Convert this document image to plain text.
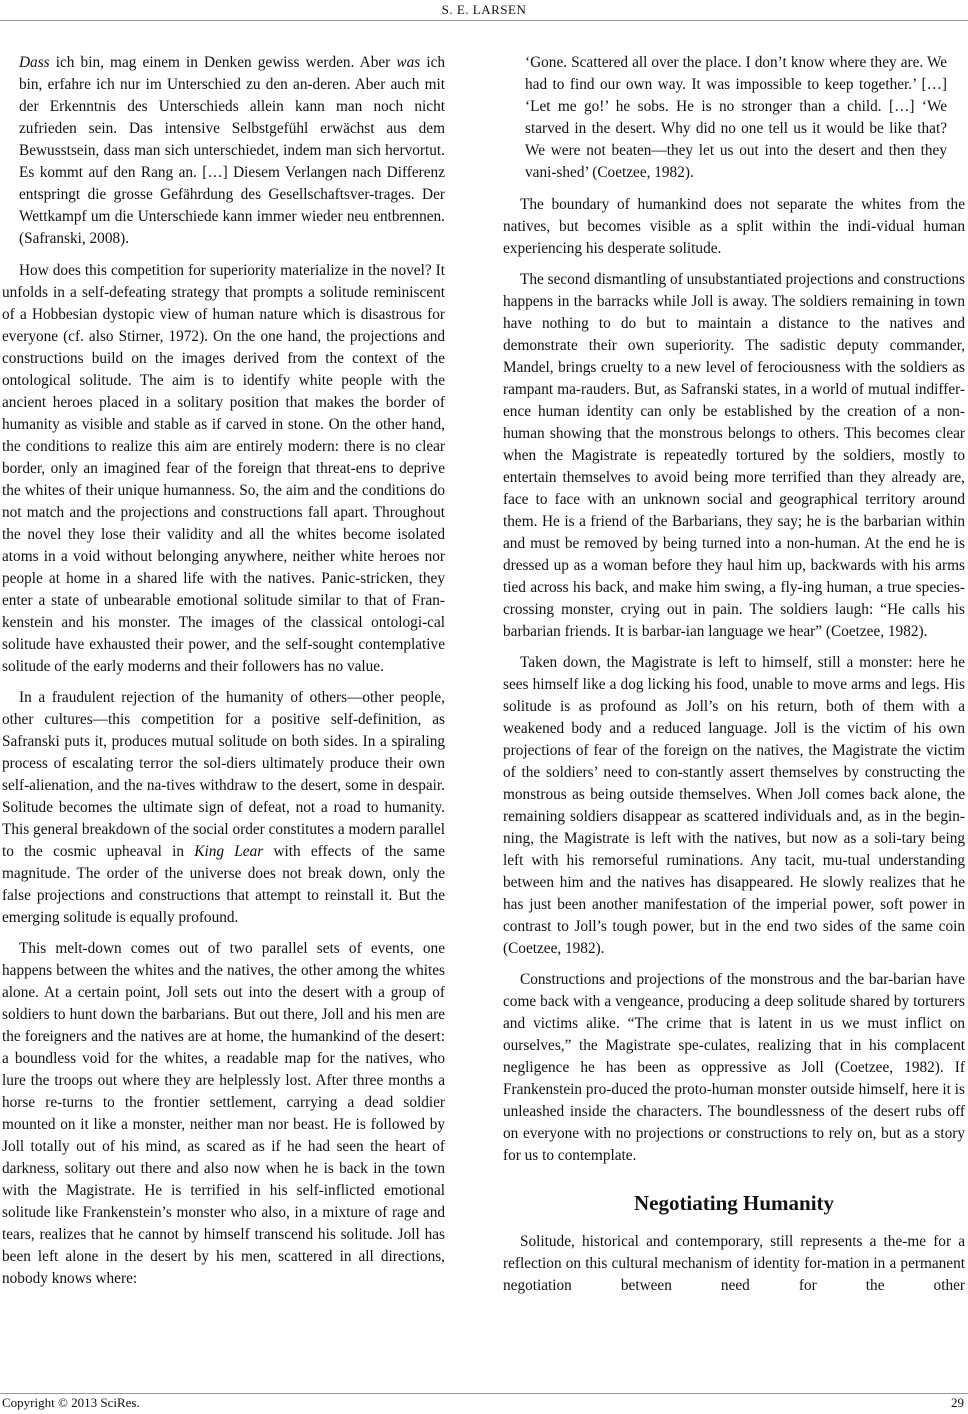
S. E. LARSEN

Dass ich bin, mag einem in Denken gewiss werden. Aber was ich bin, erfahre ich nur im Unterschied zu den an-deren. Aber auch mit der Erkenntnis des Unterschieds allein kann man noch nicht zufrieden sein. Das intensive Selbstgefühl erwächst aus dem Bewusstsein, dass man sich unterschiedet, indem man sich hervortut. Es kommt auf den Rang an. […] Diesem Verlangen nach Differenz entspringt die grosse Gefährdung des Gesellschaftsver-trages. Der Wettkampf um die Unterschiede kann immer wieder neu entbrennen. (Safranski, 2008).

How does this competition for superiority materialize in the novel? It unfolds in a self-defeating strategy that prompts a solitude reminiscent of a Hobbesian dystopic view of human nature which is disastrous for everyone (cf. also Stirner, 1972). On the one hand, the projections and constructions build on the images derived from the context of the ontological solitude. The aim is to identify white people with the ancient heroes placed in a solitary position that makes the border of humanity as visible and stable as if carved in stone. On the other hand, the conditions to realize this aim are entirely modern: there is no clear border, only an imagined fear of the foreign that threat-ens to deprive the whites of their unique humanness. So, the aim and the conditions do not match and the projections and constructions fall apart. Throughout the novel they lose their validity and all the whites become isolated atoms in a void without belonging anywhere, neither white heroes nor people at home in a shared life with the natives. Panic-stricken, they enter a state of unbearable emotional solitude similar to that of Fran-kenstein and his monster. The images of the classical ontologi-cal solitude have exhausted their power, and the self-sought contemplative solitude of the early moderns and their followers has no value.

In a fraudulent rejection of the humanity of others—other people, other cultures—this competition for a positive self-definition, as Safranski puts it, produces mutual solitude on both sides. In a spiraling process of escalating terror the sol-diers ultimately produce their own self-alienation, and the na-tives withdraw to the desert, some in despair. Solitude becomes the ultimate sign of defeat, not a road to humanity. This general breakdown of the social order constitutes a modern parallel to the cosmic upheaval in King Lear with effects of the same magnitude. The order of the universe does not break down, only the false projections and constructions that attempt to reinstall it. But the emerging solitude is equally profound.

This melt-down comes out of two parallel sets of events, one happens between the whites and the natives, the other among the whites alone. At a certain point, Joll sets out into the desert with a group of soldiers to hunt down the barbarians. But out there, Joll and his men are the foreigners and the natives are at home, the humankind of the desert: a boundless void for the whites, a readable map for the natives, who lure the troops out where they are helplessly lost. After three months a horse re-turns to the frontier settlement, carrying a dead soldier mounted on it like a monster, neither man nor beast. He is followed by Joll totally out of his mind, as scared as if he had seen the heart of darkness, solitary out there and also now when he is back in the town with the Magistrate. He is terrified in his self-inflicted emotional solitude like Frankenstein’s monster who also, in a mixture of rage and tears, realizes that he cannot by himself transcend his solitude. Joll has been left alone in the desert by his men, scattered in all directions, nobody knows where:

‘Gone. Scattered all over the place. I don’t know where they are. We had to find our own way. It was impossible to keep together.’ […] ‘Let me go!’ he sobs. He is no stronger than a child. […] ‘We starved in the desert. Why did no one tell us it would be like that? We were not beaten—they let us out into the desert and then they vani-shed’ (Coetzee, 1982).

The boundary of humankind does not separate the whites from the natives, but becomes visible as a split within the indi-vidual human experiencing his desperate solitude.

The second dismantling of unsubstantiated projections and constructions happens in the barracks while Joll is away. The soldiers remaining in town have nothing to do but to maintain a distance to the natives and demonstrate their own superiority. The sadistic deputy commander, Mandel, brings cruelty to a new level of ferociousness with the soldiers as rampant ma-rauders. But, as Safranski states, in a world of mutual indiffer-ence human identity can only be established by the creation of a non-human showing that the monstrous belongs to others. This becomes clear when the Magistrate is repeatedly tortured by the soldiers, mostly to entertain themselves to avoid being more terrified than they already are, face to face with an unknown social and geographical territory around them. He is a friend of the Barbarians, they say; he is the barbarian within and must be removed by being turned into a non-human. At the end he is dressed up as a woman before they haul him up, backwards with his arms tied across his back, and make him swing, a fly-ing human, a true species-crossing monster, crying out in pain. The soldiers laugh: “He calls his barbarian friends. It is barbar-ian language we hear” (Coetzee, 1982).

Taken down, the Magistrate is left to himself, still a monster: here he sees himself like a dog licking his food, unable to move arms and legs. His solitude is as profound as Joll’s on his return, both of them with a weakened body and a reduced language. Joll is the victim of his own projections of fear of the foreign on the natives, the Magistrate the victim of the soldiers’ need to con-stantly assert themselves by constructing the monstrous as being outside themselves. When Joll comes back alone, the remaining soldiers disappear as scattered individuals and, as in the begin-ning, the Magistrate is left with the natives, but now as a soli-tary being left with his remorseful ruminations. Any tacit, mu-tual understanding between him and the natives has disappeared. He slowly realizes that he has just been another manifestation of the imperial power, soft power in contrast to Joll’s tough power, but in the end two sides of the same coin (Coetzee, 1982).

Constructions and projections of the monstrous and the bar-barian have come back with a vengeance, producing a deep solitude shared by torturers and victims alike. “The crime that is latent in us we must inflict on ourselves,” the Magistrate spe-culates, realizing that in his complacent negligence he has been as oppressive as Joll (Coetzee, 1982). If Frankenstein pro-duced the proto-human monster outside himself, here it is unleashed inside the characters. The boundlessness of the desert rubs off on everyone with no projections or constructions to rely on, but as a story for us to contemplate.

Negotiating Humanity

Solitude, historical and contemporary, still represents a the-me for a reflection on this cultural mechanism of identity for-mation in a permanent negotiation between need for the other

Copyright © 2013 SciRes.	29
